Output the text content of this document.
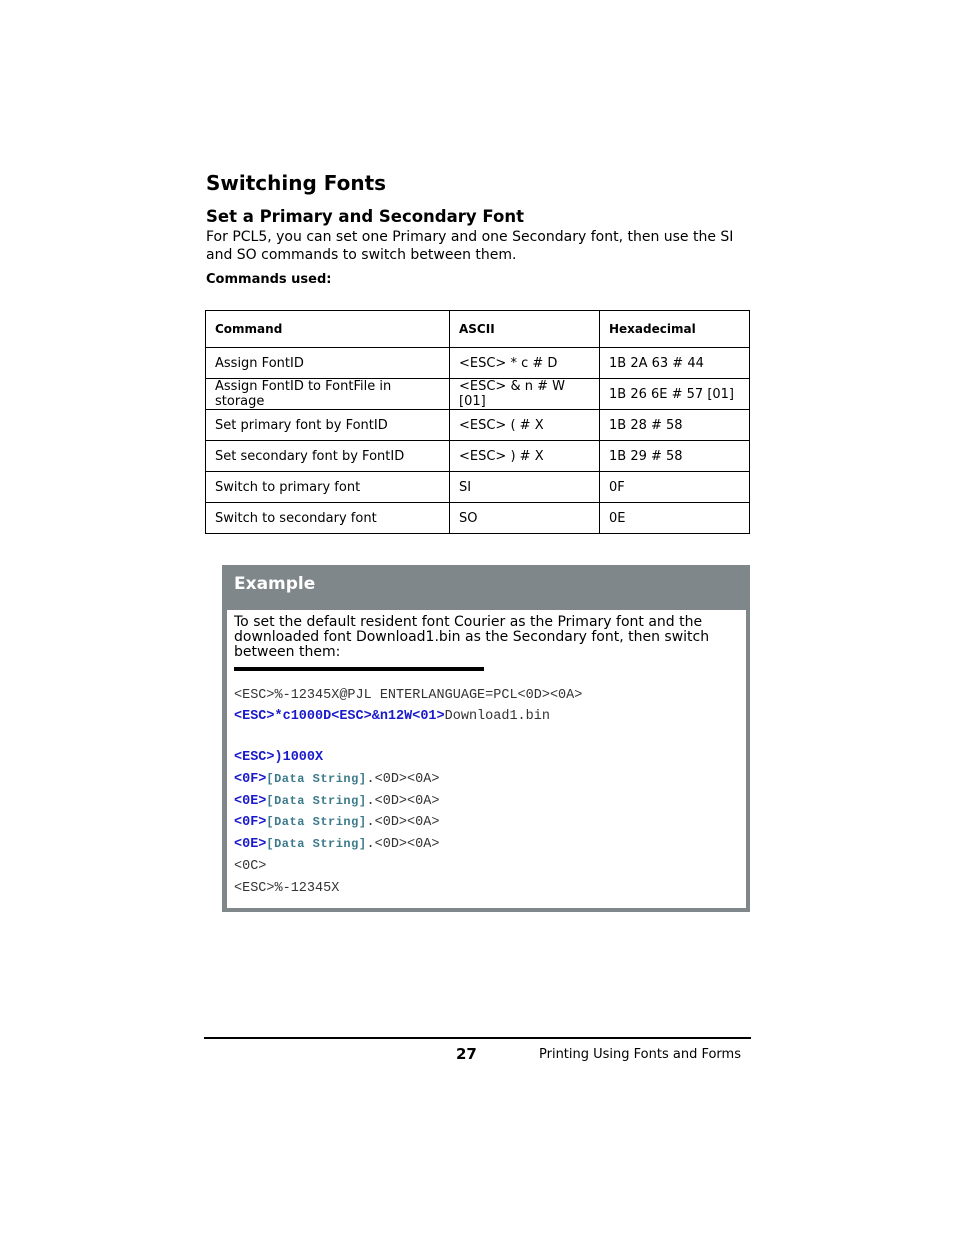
Switching Fonts
Set a Primary and Secondary Font

For PCL5, you can set one Primary and one Secondary font, then use the SI and SO commands to switch between them.

Commands used:

Command	ASCII	Hexadecimal
Assign FontID	<ESC> * c # D	1B 2A 63 # 44
Assign FontID to FontFile in storage	<ESC> & n # W [01]	1B 26 6E # 57 [01]
Set primary font by FontID	<ESC> ( # X	1B 28 # 58
Set secondary font by FontID	<ESC> ) # X	1B 29 # 58
Switch to primary font	SI	0F
Switch to secondary font	SO	0E
Example

To set the default resident font Courier as the Primary font and the downloaded font Download1.bin as the Secondary font, then switch between them:

<ESC>%-12345X@PJL ENTERLANGUAGE=PCL<0D><0A>

<ESC>*c1000D<ESC>&n12W<01>Download1.bin

<ESC>)1000X

<0F>[Data String].<0D><0A>

<0E>[Data String].<0D><0A>

<0F>[Data String].<0D><0A>

<0E>[Data String].<0D><0A>

<0C>

<ESC>%-12345X

27	Printing Using Fonts and Forms
